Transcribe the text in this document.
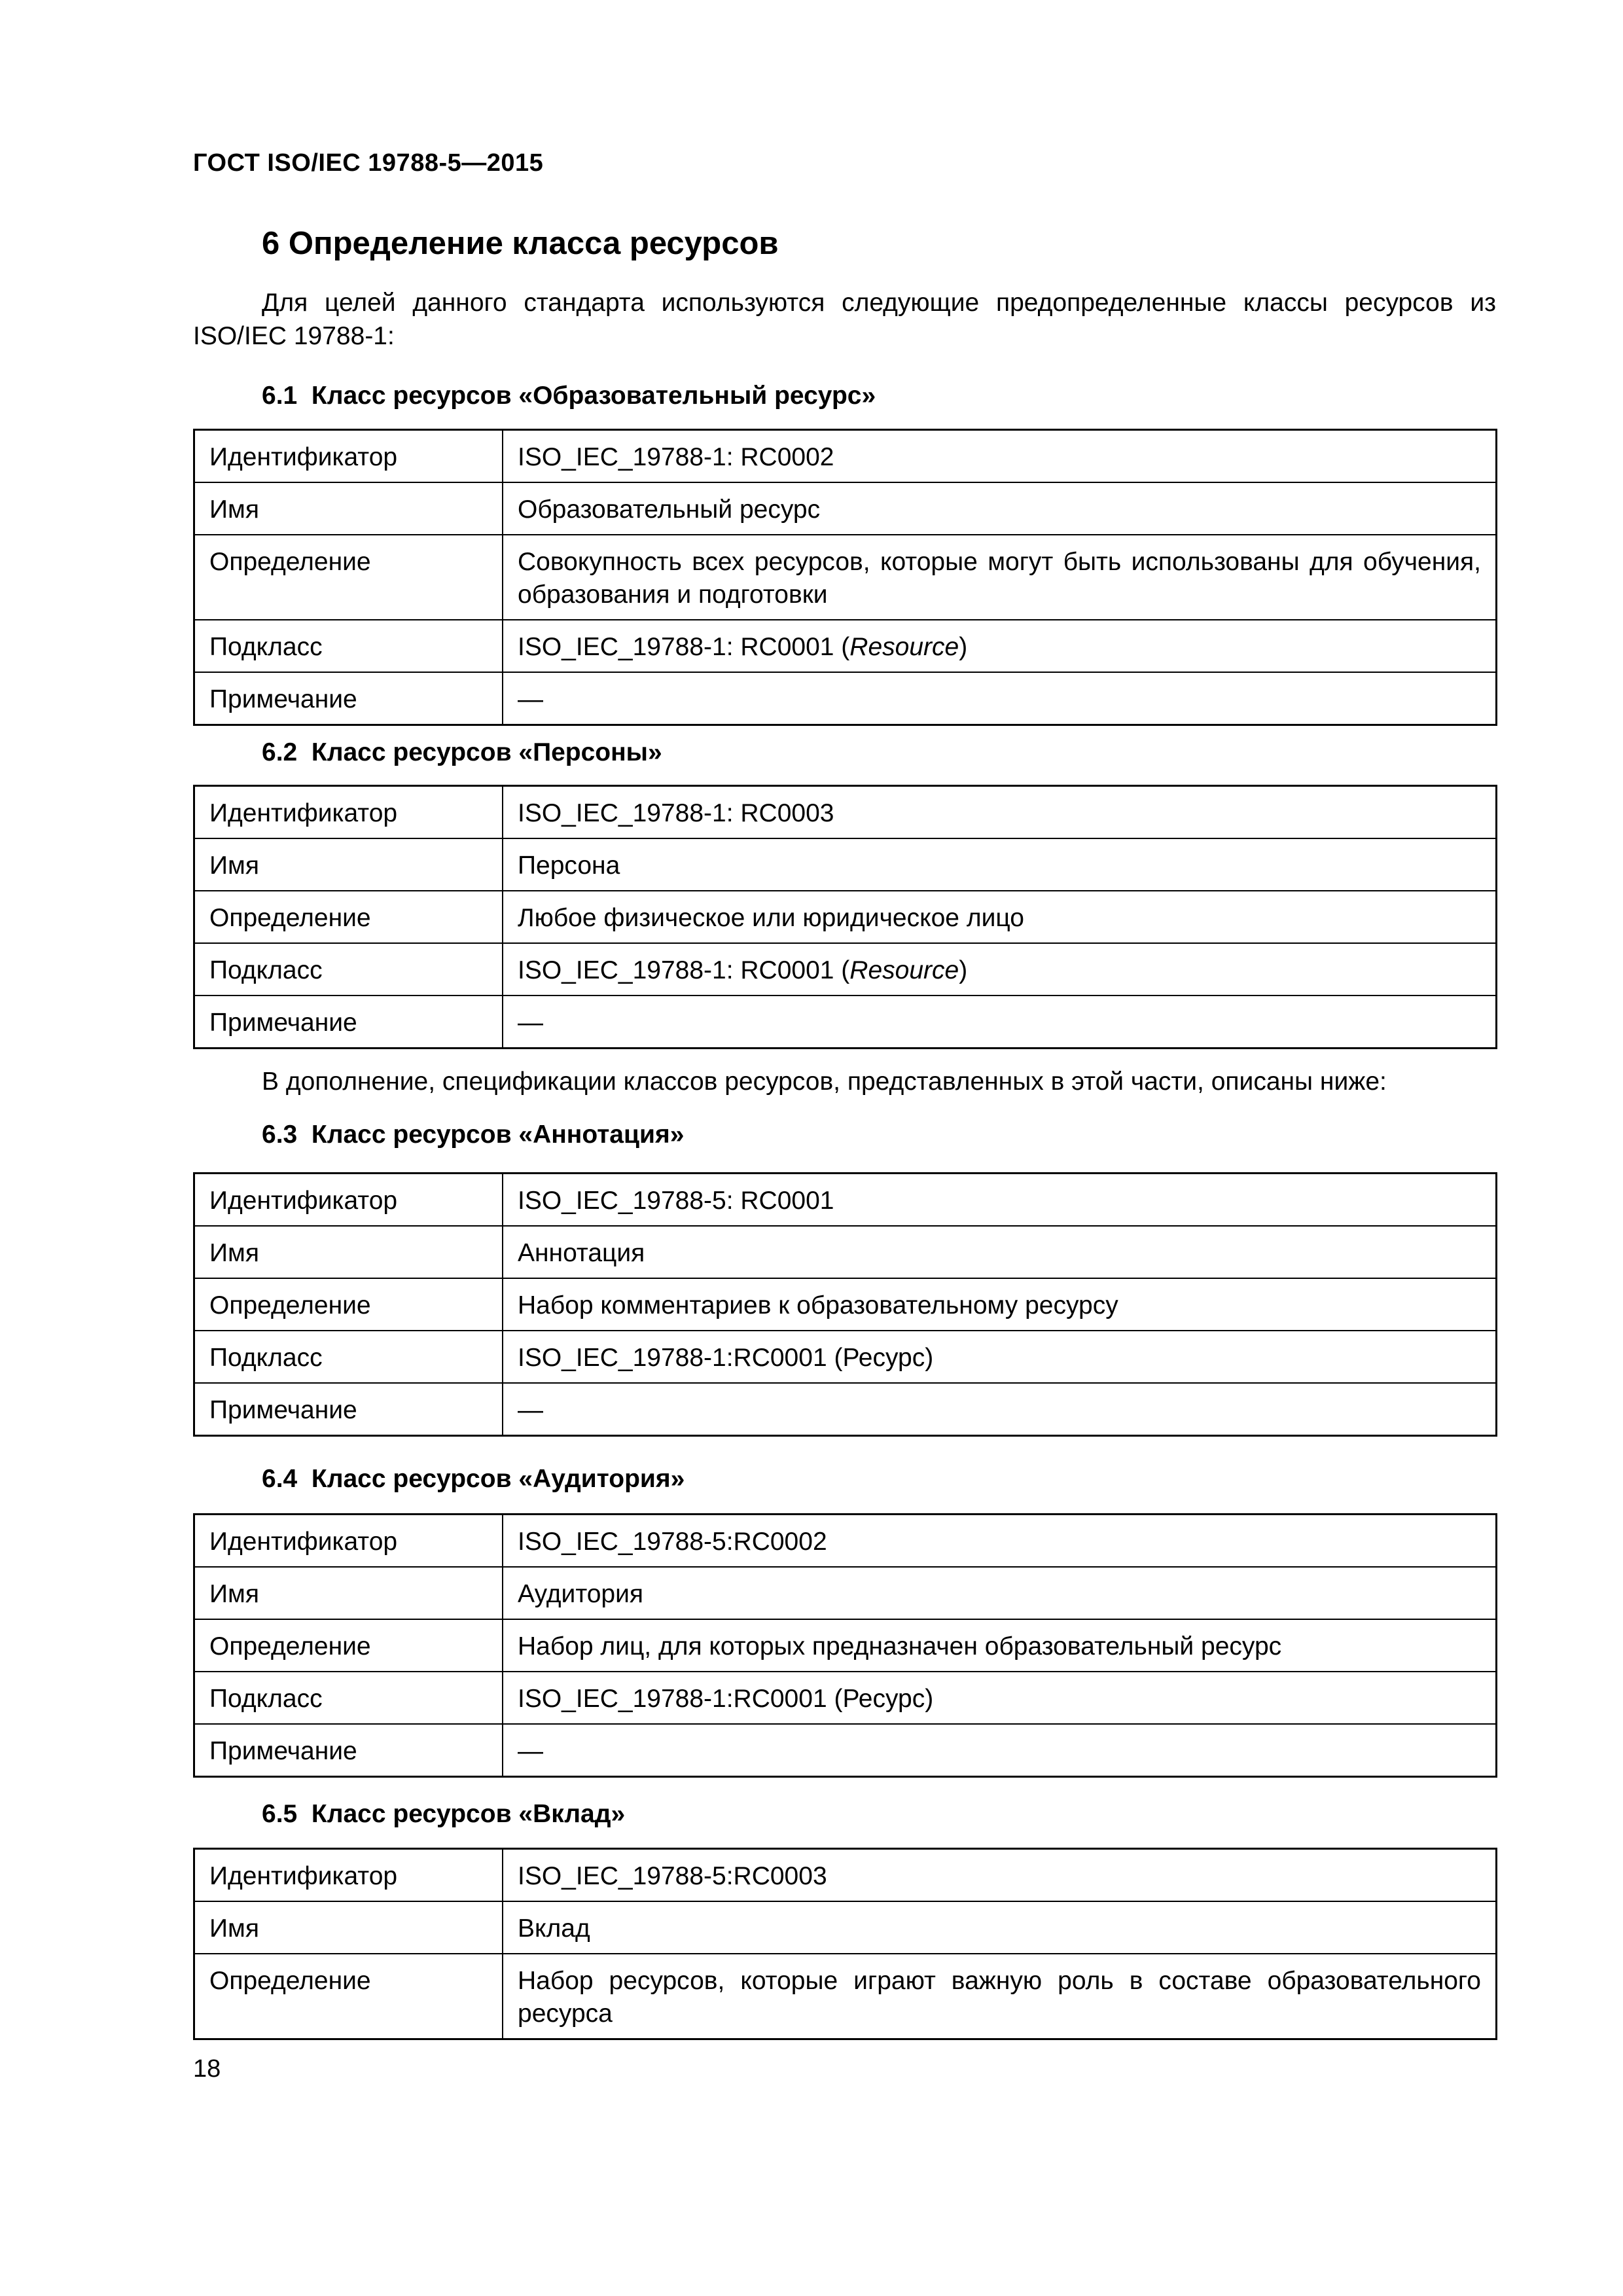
ГОСТ ISO/IEC 19788-5—2015
6 Определение класса ресурсов
Для целей данного стандарта используются следующие предопределенные классы ресурсов из ISO/IEC 19788-1:
6.1  Класс ресурсов «Образовательный ресурс»
Идентификатор	ISO_IEC_19788-1: RC0002
Имя	Образовательный ресурс
Определение	Совокупность всех ресурсов, которые могут быть использованы для обучения, образования и подготовки
Подкласс	ISO_IEC_19788-1: RC0001 (Resource)
Примечание	—
6.2  Класс ресурсов «Персоны»
Идентификатор	ISO_IEC_19788-1: RC0003
Имя	Персона
Определение	Любое физическое или юридическое лицо
Подкласс	ISO_IEC_19788-1: RC0001 (Resource)
Примечание	—
В дополнение, спецификации классов ресурсов, представленных в этой части, описаны ниже:
6.3  Класс ресурсов «Аннотация»
Идентификатор	ISO_IEC_19788-5: RC0001
Имя	Аннотация
Определение	Набор комментариев к образовательному ресурсу
Подкласс	ISO_IEC_19788-1:RC0001 (Ресурс)
Примечание	—
6.4  Класс ресурсов «Аудитория»
Идентификатор	ISO_IEC_19788-5:RC0002
Имя	Аудитория
Определение	Набор лиц, для которых предназначен образовательный ресурс
Подкласс	ISO_IEC_19788-1:RC0001 (Ресурс)
Примечание	—
6.5  Класс ресурсов «Вклад»
Идентификатор	ISO_IEC_19788-5:RC0003
Имя	Вклад
Определение	Набор ресурсов, которые играют важную роль в составе образовательного ресурса
18
